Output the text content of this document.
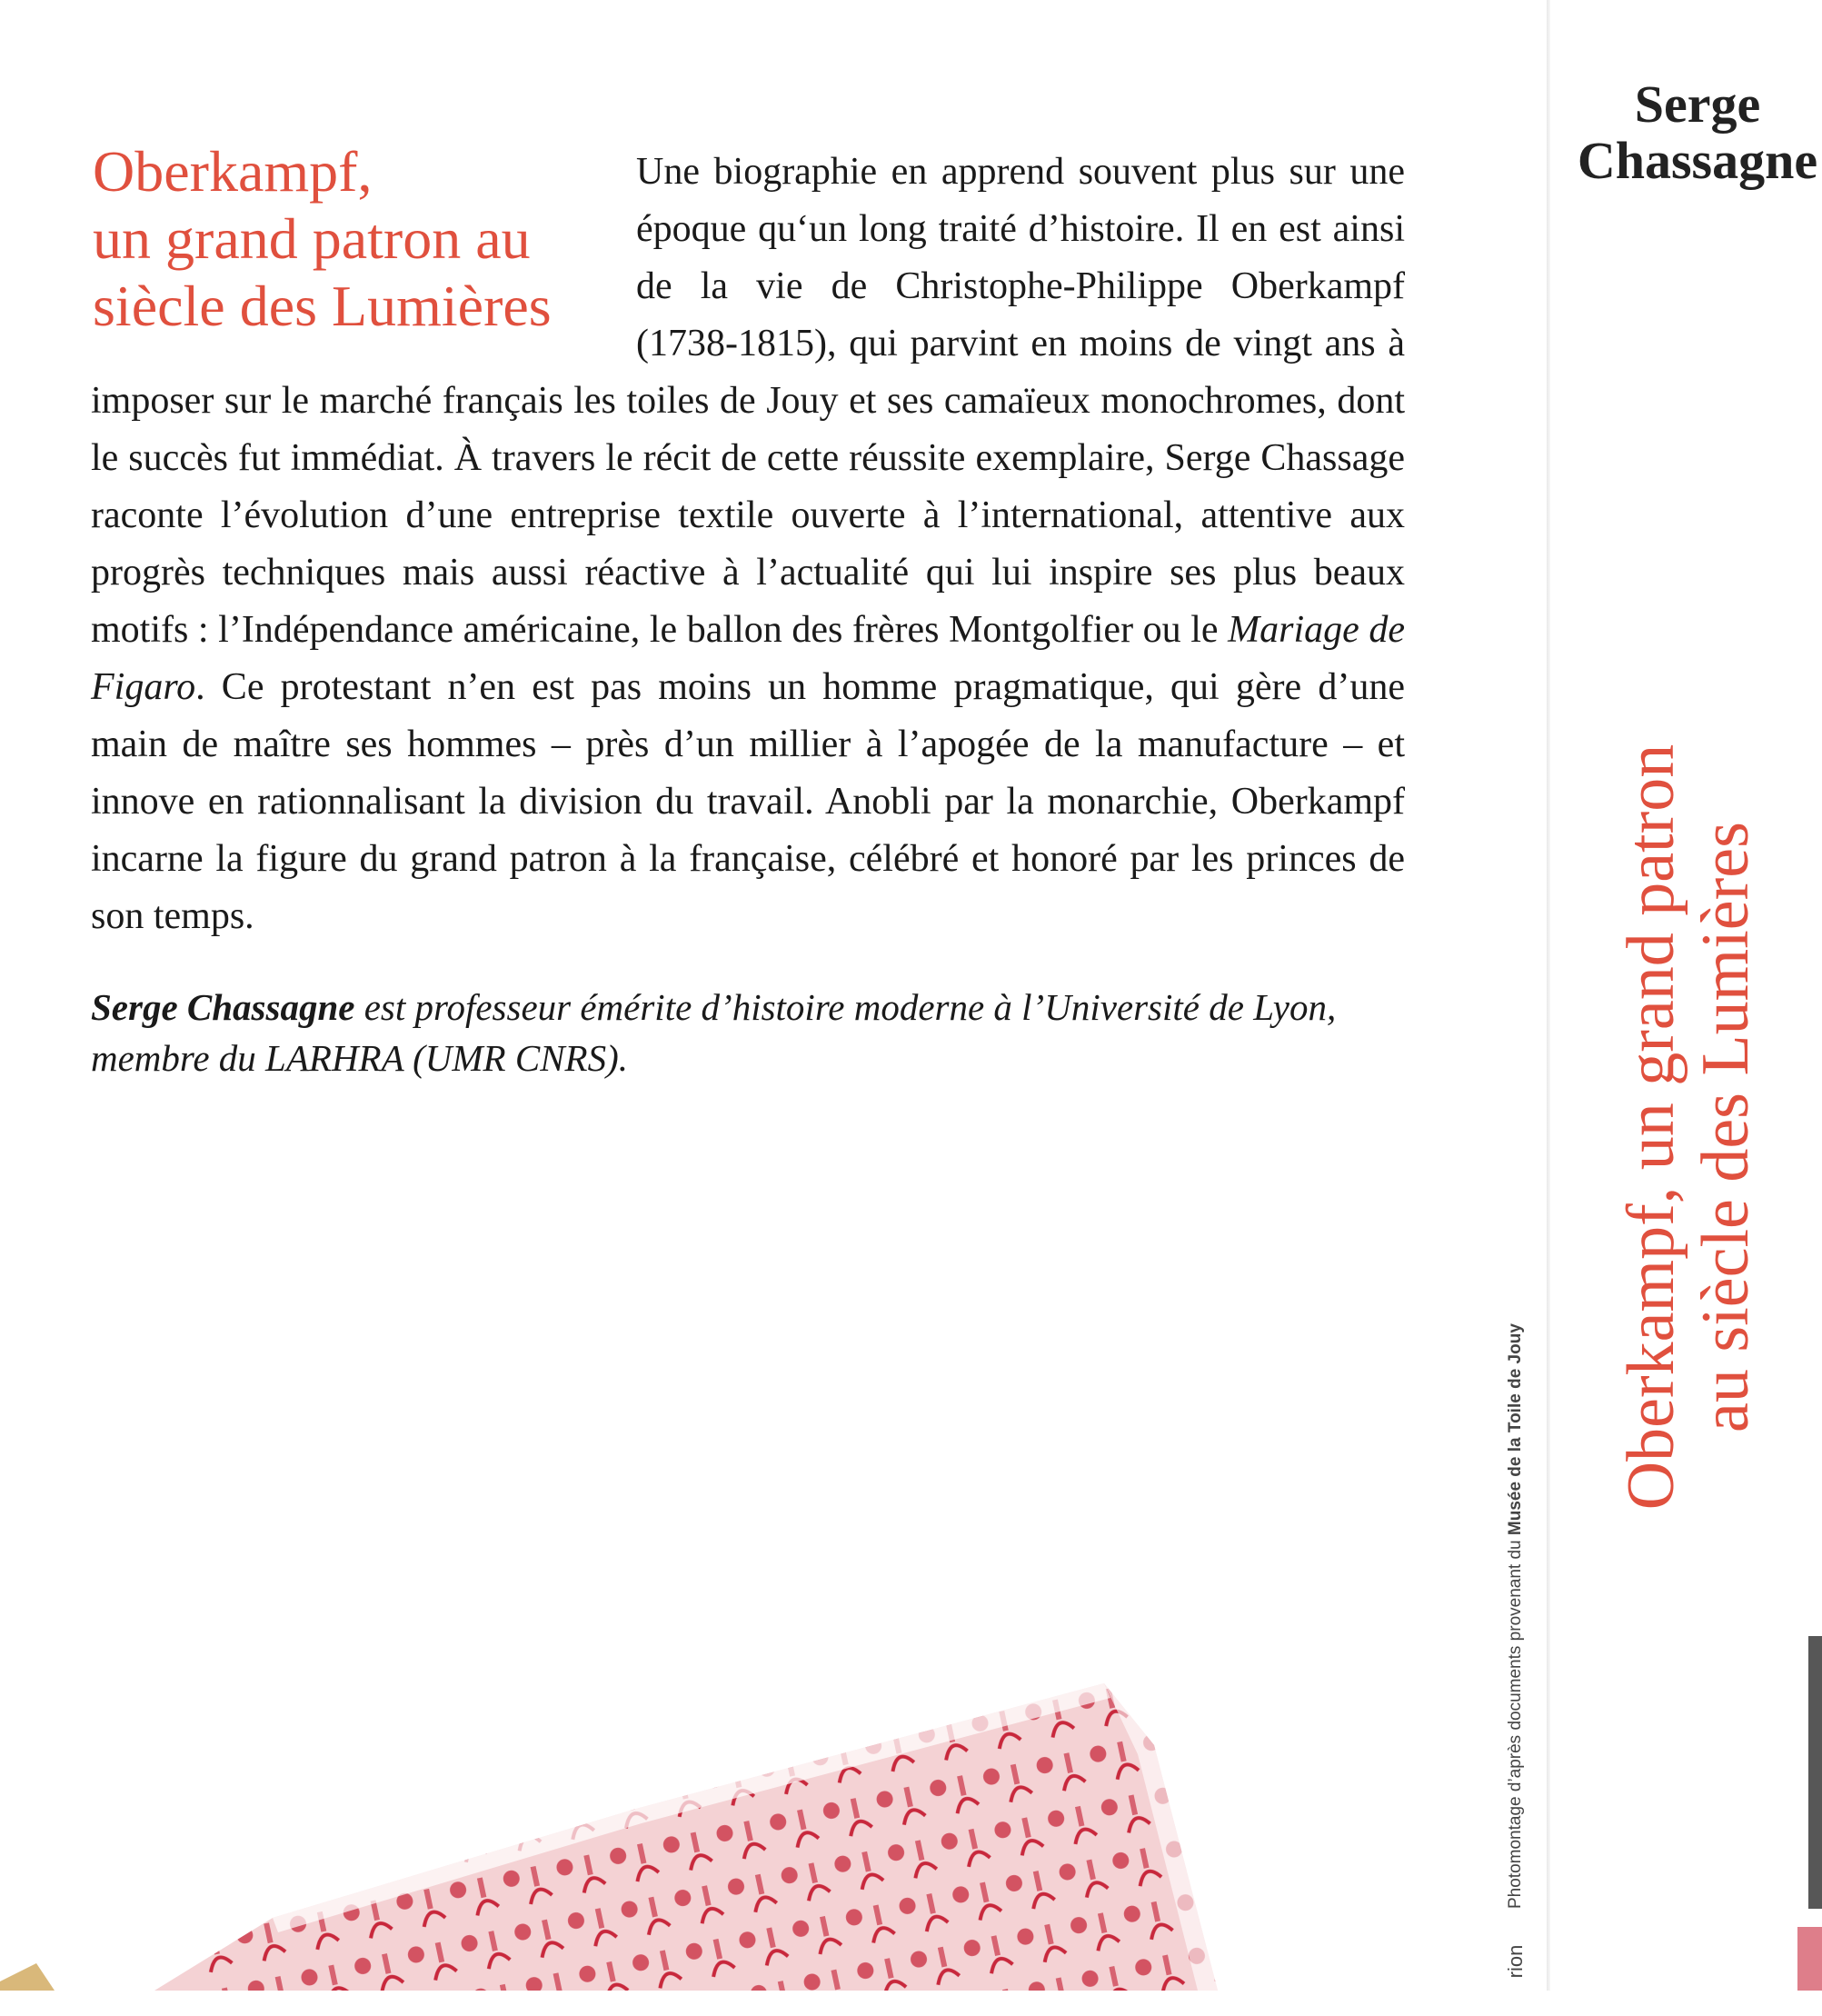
Oberkampf,
un grand patron au
siècle des Lumières

Une biographie en apprend souvent plus sur une époque qu‘un long traité d’histoire. Il en est ainsi de la vie de Christophe-Philippe Oberkampf (1738-1815), qui parvint en moins de vingt ans à imposer sur le marché français les toiles de Jouy et ses camaïeux monochromes, dont le succès fut immédiat. À travers le récit de cette réussite exemplaire, Serge Chassage raconte l’évolution d’une entreprise textile ouverte à l’international, attentive aux progrès techniques mais aussi réactive à l’actualité qui lui inspire ses plus beaux motifs : l’Indépendance américaine, le ballon des frères Montgolfier ou le Mariage de Figaro. Ce protestant n’en est pas moins un homme pragmatique, qui gère d’une main de maître ses hommes – près d’un millier à l’apogée de la manufacture – et innove en rationnalisant la division du travail. Anobli par la monarchie, Oberkampf incarne la figure du grand patron à la française, célébré et honoré par les princes de son temps.

Serge Chassagne est professeur émérite d’histoire moderne à l’Université de Lyon, membre du LARHRA (UMR CNRS).

Serge
Chassagne

Oberkampf, un grand patron au siècle des Lumières

Photomontage d’après documents provenant du Musée de la Toile de Jouy
rion
